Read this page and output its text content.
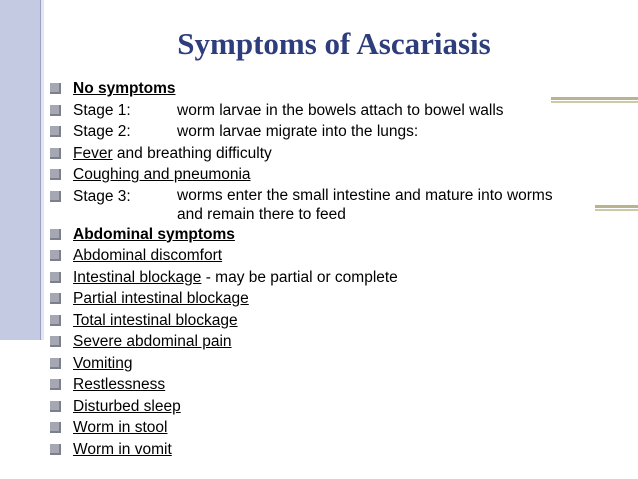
Symptoms of Ascariasis
No symptoms
Stage 1:	worm larvae in the bowels attach to bowel walls
Stage 2:	worm larvae migrate into the lungs:
Fever and breathing difficulty
Coughing and pneumonia
Stage 3:	worms enter the small intestine and mature into worms
and remain there to feed
Abdominal symptoms
Abdominal discomfort
Intestinal blockage - may be partial or complete
Partial intestinal blockage
Total intestinal blockage
Severe abdominal pain
Vomiting
Restlessness
Disturbed sleep
Worm in stool
Worm in vomit
